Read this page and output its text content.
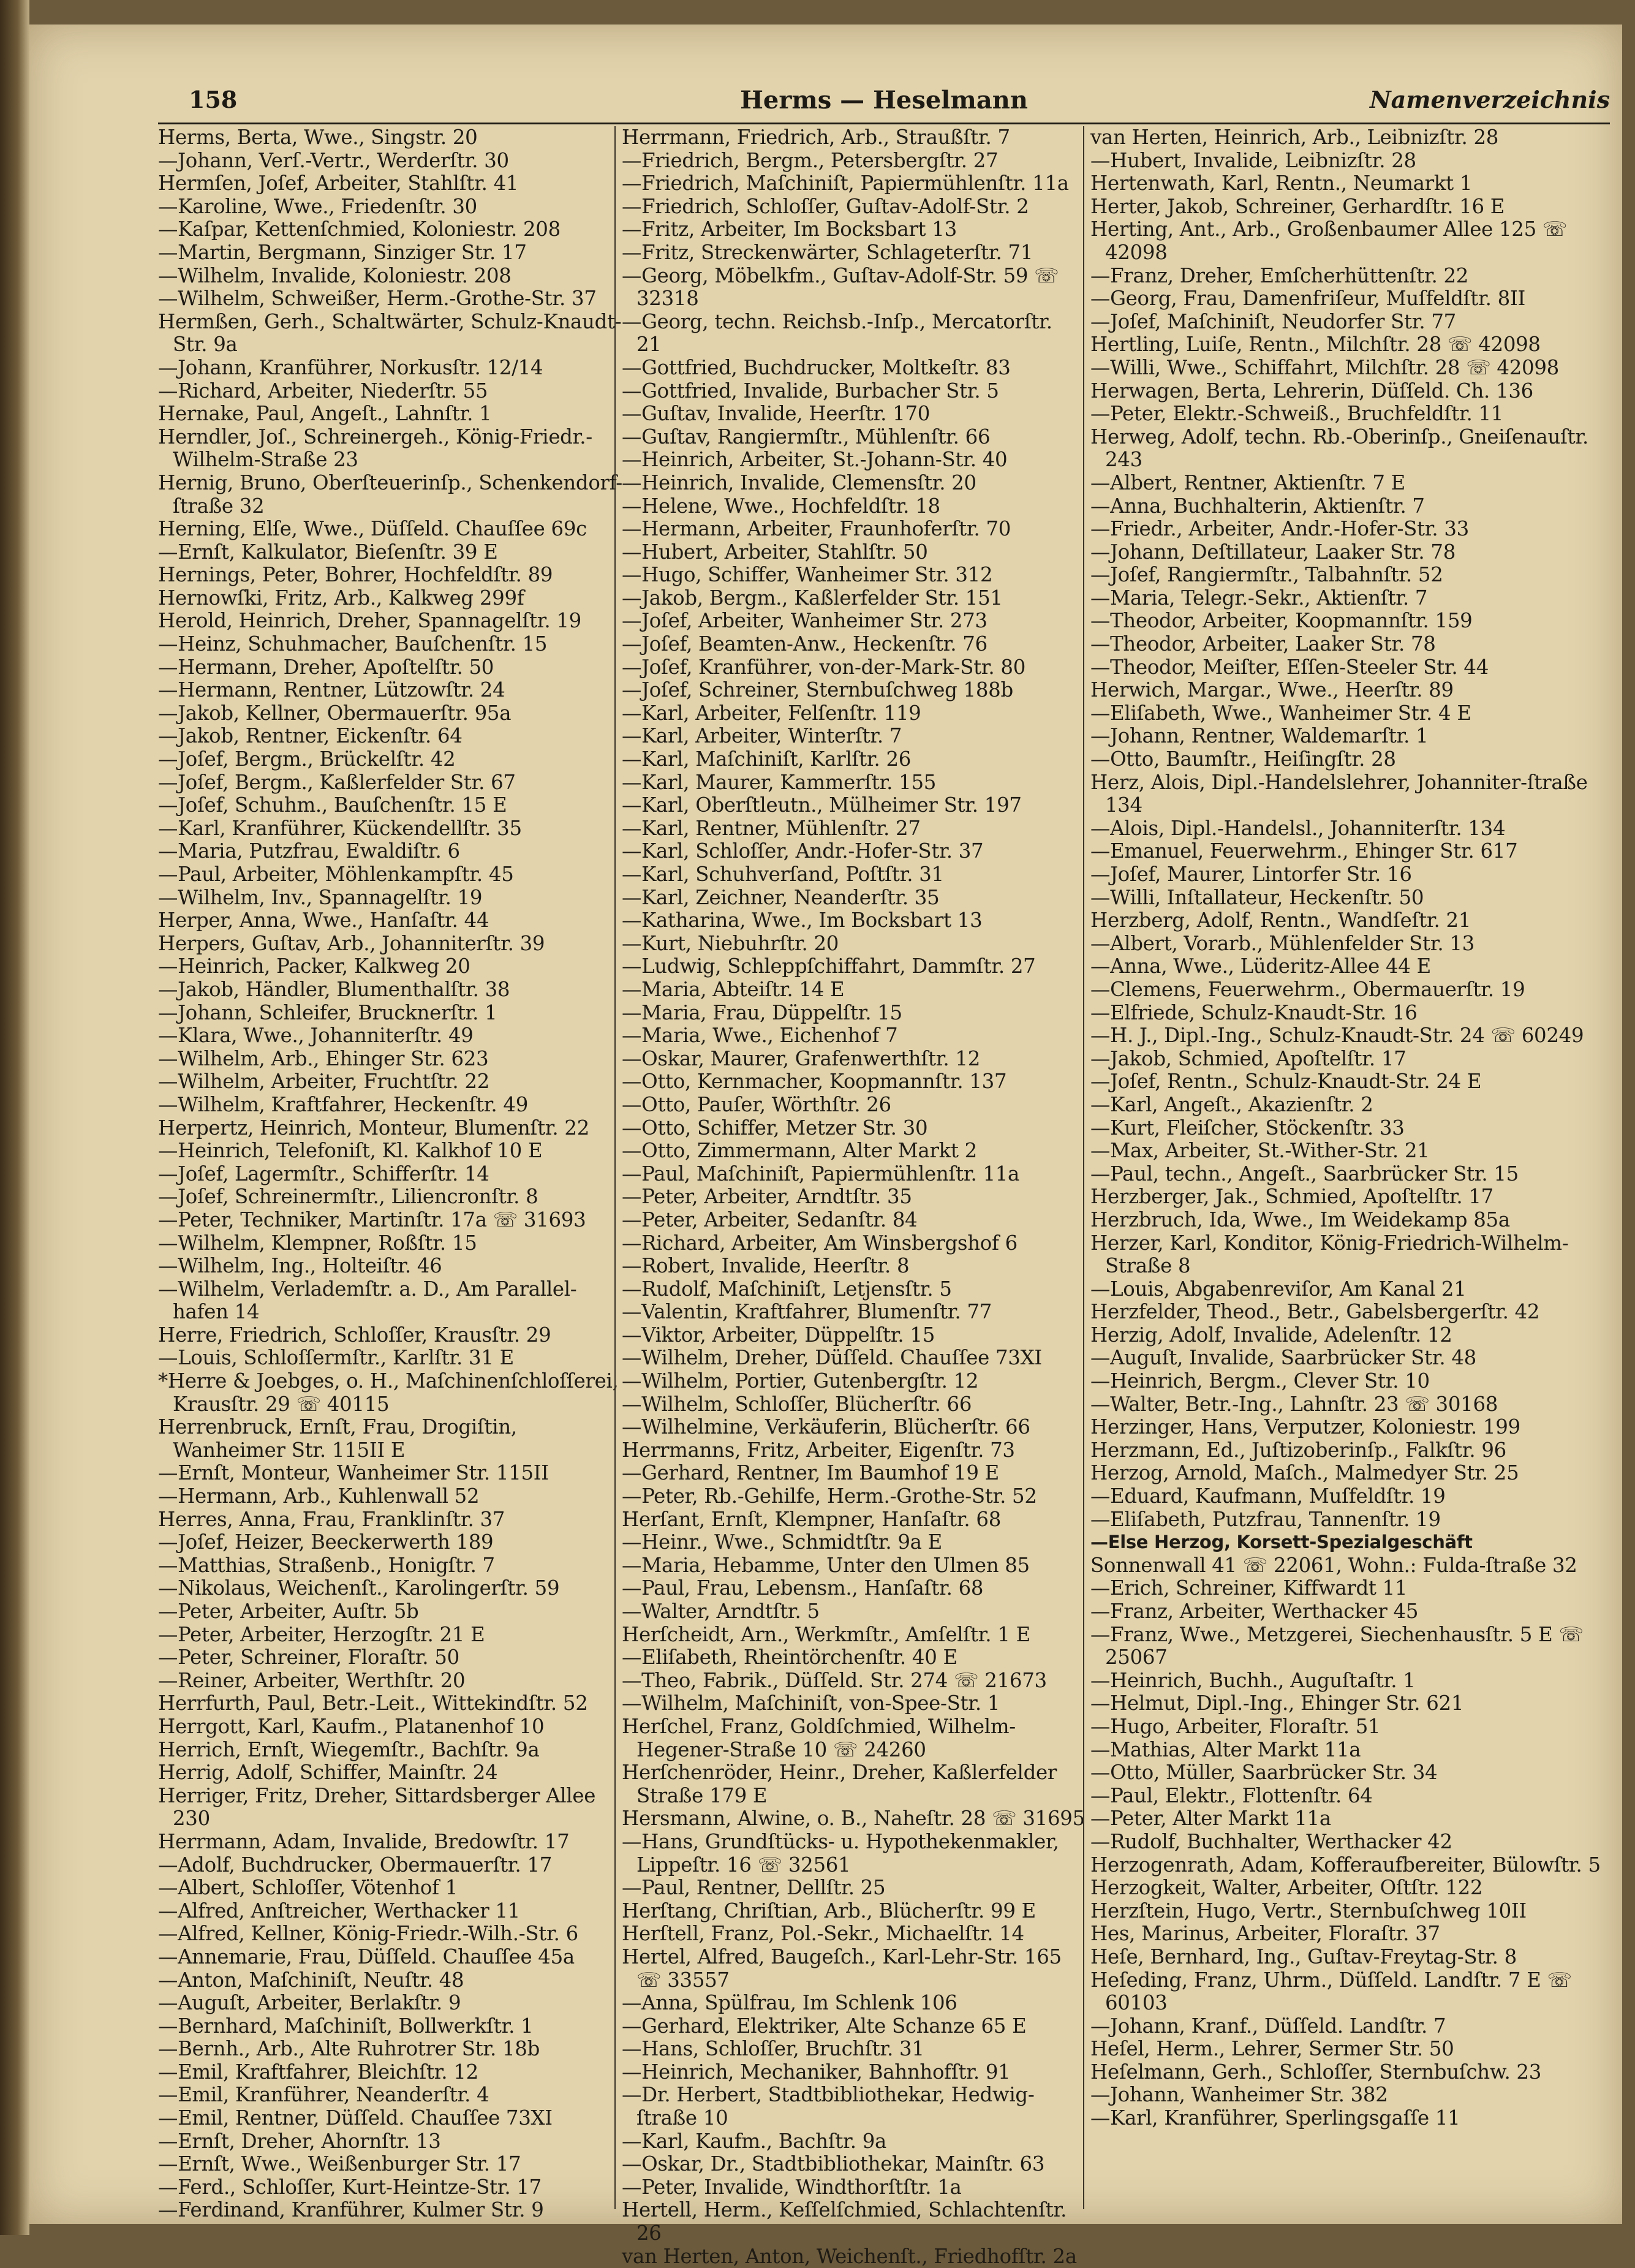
158	Herms — Heselmann	Namenverzeichnis
Herms, Berta, Wwe., Singstr. 20
—Johann, Verſ.-Vertr., Werderſtr. 30
Hermſen, Joſef, Arbeiter, Stahlſtr. 41
—Karoline, Wwe., Friedenſtr. 30
—Kaſpar, Kettenſchmied, Koloniestr. 208
—Martin, Bergmann, Sinziger Str. 17
—Wilhelm, Invalide, Koloniestr. 208
—Wilhelm, Schweißer, Herm.-Grothe-Str. 37
Hermßen, Gerh., Schaltwärter, Schulz-Knaudt-Str. 9a
—Johann, Kranführer, Norkusſtr. 12/14
—Richard, Arbeiter, Niederſtr. 55
Hernake, Paul, Angeſt., Lahnſtr. 1
Herndler, Joſ., Schreinergeh., König-Friedr.-Wilhelm-Straße 23
Hernig, Bruno, Oberſteuerinſp., Schenkendorf-ſtraße 32
Herning, Elſe, Wwe., Düſſeld. Chauſſee 69c
—Ernſt, Kalkulator, Bieſenſtr. 39 E
Hernings, Peter, Bohrer, Hochfeldſtr. 89
Hernowſki, Fritz, Arb., Kalkweg 299f
Herold, Heinrich, Dreher, Spannagelſtr. 19
—Heinz, Schuhmacher, Bauſchenſtr. 15
—Hermann, Dreher, Apoſtelſtr. 50
—Hermann, Rentner, Lützowſtr. 24
—Jakob, Kellner, Obermauerſtr. 95a
—Jakob, Rentner, Eickenſtr. 64
—Joſef, Bergm., Brückelſtr. 42
—Joſef, Bergm., Kaßlerfelder Str. 67
—Joſef, Schuhm., Bauſchenſtr. 15 E
—Karl, Kranführer, Kückendellſtr. 35
—Maria, Putzfrau, Ewaldiſtr. 6
—Paul, Arbeiter, Möhlenkampſtr. 45
—Wilhelm, Inv., Spannagelſtr. 19
Herper, Anna, Wwe., Hanſaſtr. 44
Herpers, Guſtav, Arb., Johanniterſtr. 39
—Heinrich, Packer, Kalkweg 20
—Jakob, Händler, Blumenthalſtr. 38
—Johann, Schleifer, Brucknerſtr. 1
—Klara, Wwe., Johanniterſtr. 49
—Wilhelm, Arb., Ehinger Str. 623
—Wilhelm, Arbeiter, Fruchtſtr. 22
—Wilhelm, Kraftfahrer, Heckenſtr. 49
Herpertz, Heinrich, Monteur, Blumenſtr. 22
—Heinrich, Telefoniſt, Kl. Kalkhof 10 E
—Joſef, Lagermſtr., Schifferſtr. 14
—Joſef, Schreinermſtr., Liliencronſtr. 8
—Peter, Techniker, Martinſtr. 17a ☏ 31693
—Wilhelm, Klempner, Roßſtr. 15
—Wilhelm, Ing., Holteiſtr. 46
—Wilhelm, Verlademſtr. a. D., Am Parallel-hafen 14
Herre, Friedrich, Schloſſer, Krausſtr. 29
—Louis, Schloſſermſtr., Karlſtr. 31 E
*Herre & Joebges, o. H., Maſchinenſchloſſerei, Krausſtr. 29 ☏ 40115
Herrenbruck, Ernſt, Frau, Drogiſtin, Wanheimer Str. 115II E
—Ernſt, Monteur, Wanheimer Str. 115II
—Hermann, Arb., Kuhlenwall 52
Herres, Anna, Frau, Franklinſtr. 37
—Joſef, Heizer, Beeckerwerth 189
—Matthias, Straßenb., Honigſtr. 7
—Nikolaus, Weichenſt., Karolingerſtr. 59
—Peter, Arbeiter, Auſtr. 5b
—Peter, Arbeiter, Herzogſtr. 21 E
—Peter, Schreiner, Floraſtr. 50
—Reiner, Arbeiter, Werthſtr. 20
Herrfurth, Paul, Betr.-Leit., Wittekindſtr. 52
Herrgott, Karl, Kaufm., Platanenhof 10
Herrich, Ernſt, Wiegemſtr., Bachſtr. 9a
Herrig, Adolf, Schiffer, Mainſtr. 24
Herriger, Fritz, Dreher, Sittardsberger Allee 230
Herrmann, Adam, Invalide, Bredowſtr. 17
—Adolf, Buchdrucker, Obermauerſtr. 17
—Albert, Schloſſer, Vötenhof 1
—Alfred, Anſtreicher, Werthacker 11
—Alfred, Kellner, König-Friedr.-Wilh.-Str. 6
—Annemarie, Frau, Düſſeld. Chauſſee 45a
—Anton, Maſchiniſt, Neuſtr. 48
—Auguſt, Arbeiter, Berlakſtr. 9
—Bernhard, Maſchiniſt, Bollwerkſtr. 1
—Bernh., Arb., Alte Ruhrotrer Str. 18b
—Emil, Kraftfahrer, Bleichſtr. 12
—Emil, Kranführer, Neanderſtr. 4
—Emil, Rentner, Düſſeld. Chauſſee 73XI
—Ernſt, Dreher, Ahornſtr. 13
—Ernſt, Wwe., Weißenburger Str. 17
—Ferd., Schloſſer, Kurt-Heintze-Str. 17
—Ferdinand, Kranführer, Kulmer Str. 9
Herrmann, Friedrich, Arb., Straußſtr. 7
—Friedrich, Bergm., Petersbergſtr. 27
—Friedrich, Maſchiniſt, Papiermühlenſtr. 11a
—Friedrich, Schloſſer, Guſtav-Adolf-Str. 2
—Fritz, Arbeiter, Im Bocksbart 13
—Fritz, Streckenwärter, Schlageterſtr. 71
—Georg, Möbelkfm., Guſtav-Adolf-Str. 59 ☏ 32318
—Georg, techn. Reichsb.-Inſp., Mercatorſtr. 21
—Gottfried, Buchdrucker, Moltkeſtr. 83
—Gottfried, Invalide, Burbacher Str. 5
—Guſtav, Invalide, Heerſtr. 170
—Guſtav, Rangiermſtr., Mühlenſtr. 66
—Heinrich, Arbeiter, St.-Johann-Str. 40
—Heinrich, Invalide, Clemensſtr. 20
—Helene, Wwe., Hochfeldſtr. 18
—Hermann, Arbeiter, Fraunhoferſtr. 70
—Hubert, Arbeiter, Stahlſtr. 50
—Hugo, Schiffer, Wanheimer Str. 312
—Jakob, Bergm., Kaßlerfelder Str. 151
—Joſef, Arbeiter, Wanheimer Str. 273
—Joſef, Beamten-Anw., Heckenſtr. 76
—Joſef, Kranführer, von-der-Mark-Str. 80
—Joſef, Schreiner, Sternbuſchweg 188b
—Karl, Arbeiter, Felſenſtr. 119
—Karl, Arbeiter, Winterſtr. 7
—Karl, Maſchiniſt, Karlſtr. 26
—Karl, Maurer, Kammerſtr. 155
—Karl, Oberſtleutn., Mülheimer Str. 197
—Karl, Rentner, Mühlenſtr. 27
—Karl, Schloſſer, Andr.-Hofer-Str. 37
—Karl, Schuhverſand, Poſtſtr. 31
—Karl, Zeichner, Neanderſtr. 35
—Katharina, Wwe., Im Bocksbart 13
—Kurt, Niebuhrſtr. 20
—Ludwig, Schleppſchiffahrt, Dammſtr. 27
—Maria, Abteiſtr. 14 E
—Maria, Frau, Düppelſtr. 15
—Maria, Wwe., Eichenhof 7
—Oskar, Maurer, Grafenwerthſtr. 12
—Otto, Kernmacher, Koopmannſtr. 137
—Otto, Pauſer, Wörthſtr. 26
—Otto, Schiffer, Metzer Str. 30
—Otto, Zimmermann, Alter Markt 2
—Paul, Maſchiniſt, Papiermühlenſtr. 11a
—Peter, Arbeiter, Arndtſtr. 35
—Peter, Arbeiter, Sedanſtr. 84
—Richard, Arbeiter, Am Winsbergshof 6
—Robert, Invalide, Heerſtr. 8
—Rudolf, Maſchiniſt, Letjensſtr. 5
—Valentin, Kraftfahrer, Blumenſtr. 77
—Viktor, Arbeiter, Düppelſtr. 15
—Wilhelm, Dreher, Düſſeld. Chauſſee 73XI
—Wilhelm, Portier, Gutenbergſtr. 12
—Wilhelm, Schloſſer, Blücherſtr. 66
—Wilhelmine, Verkäuferin, Blücherſtr. 66
Herrmanns, Fritz, Arbeiter, Eigenſtr. 73
—Gerhard, Rentner, Im Baumhof 19 E
—Peter, Rb.-Gehilfe, Herm.-Grothe-Str. 52
Herſant, Ernſt, Klempner, Hanſaſtr. 68
—Heinr., Wwe., Schmidtſtr. 9a E
—Maria, Hebamme, Unter den Ulmen 85
—Paul, Frau, Lebensm., Hanſaſtr. 68
—Walter, Arndtſtr. 5
Herſcheidt, Arn., Werkmſtr., Amſelſtr. 1 E
—Eliſabeth, Rheintörchenſtr. 40 E
—Theo, Fabrik., Düſſeld. Str. 274 ☏ 21673
—Wilhelm, Maſchiniſt, von-Spee-Str. 1
Herſchel, Franz, Goldſchmied, Wilhelm-Hegener-Straße 10 ☏ 24260
Herſchenröder, Heinr., Dreher, Kaßlerfelder Straße 179 E
Hersmann, Alwine, o. B., Naheſtr. 28 ☏ 31695
—Hans, Grundſtücks- u. Hypothekenmakler, Lippeſtr. 16 ☏ 32561
—Paul, Rentner, Dellſtr. 25
Herſtang, Chriſtian, Arb., Blücherſtr. 99 E
Herſtell, Franz, Pol.-Sekr., Michaelſtr. 14
Hertel, Alfred, Baugeſch., Karl-Lehr-Str. 165 ☏ 33557
—Anna, Spülfrau, Im Schlenk 106
—Gerhard, Elektriker, Alte Schanze 65 E
—Hans, Schloſſer, Bruchſtr. 31
—Heinrich, Mechaniker, Bahnhofſtr. 91
—Dr. Herbert, Stadtbibliothekar, Hedwig-ſtraße 10
—Karl, Kaufm., Bachſtr. 9a
—Oskar, Dr., Stadtbibliothekar, Mainſtr. 63
—Peter, Invalide, Windthorſtſtr. 1a
Hertell, Herm., Keſſelſchmied, Schlachtenſtr. 26
van Herten, Anton, Weichenſt., Friedhofſtr. 2a
van Herten, Heinrich, Arb., Leibnizſtr. 28
—Hubert, Invalide, Leibnizſtr. 28
Hertenwath, Karl, Rentn., Neumarkt 1
Herter, Jakob, Schreiner, Gerhardſtr. 16 E
Herting, Ant., Arb., Großenbaumer Allee 125 ☏ 42098
—Franz, Dreher, Emſcherhüttenſtr. 22
—Georg, Frau, Damenfriſeur, Muſfeldſtr. 8II
—Joſef, Maſchiniſt, Neudorfer Str. 77
Hertling, Luiſe, Rentn., Milchſtr. 28 ☏ 42098
—Willi, Wwe., Schiffahrt, Milchſtr. 28 ☏ 42098
Herwagen, Berta, Lehrerin, Düſſeld. Ch. 136
—Peter, Elektr.-Schweiß., Bruchfeldſtr. 11
Herweg, Adolf, techn. Rb.-Oberinſp., Gneiſenauſtr. 243
—Albert, Rentner, Aktienſtr. 7 E
—Anna, Buchhalterin, Aktienſtr. 7
—Friedr., Arbeiter, Andr.-Hofer-Str. 33
—Johann, Deſtillateur, Laaker Str. 78
—Joſef, Rangiermſtr., Talbahnſtr. 52
—Maria, Telegr.-Sekr., Aktienſtr. 7
—Theodor, Arbeiter, Koopmannſtr. 159
—Theodor, Arbeiter, Laaker Str. 78
—Theodor, Meiſter, Eſſen-Steeler Str. 44
Herwich, Margar., Wwe., Heerſtr. 89
—Eliſabeth, Wwe., Wanheimer Str. 4 E
—Johann, Rentner, Waldemarſtr. 1
—Otto, Baumſtr., Heiſingſtr. 28
Herz, Alois, Dipl.-Handelslehrer, Johanniter-ſtraße 134
—Alois, Dipl.-Handelsl., Johanniterſtr. 134
—Emanuel, Feuerwehrm., Ehinger Str. 617
—Joſef, Maurer, Lintorfer Str. 16
—Willi, Inſtallateur, Heckenſtr. 50
Herzberg, Adolf, Rentn., Wandſeſtr. 21
—Albert, Vorarb., Mühlenfelder Str. 13
—Anna, Wwe., Lüderitz-Allee 44 E
—Clemens, Feuerwehrm., Obermauerſtr. 19
—Elfriede, Schulz-Knaudt-Str. 16
—H. J., Dipl.-Ing., Schulz-Knaudt-Str. 24 ☏ 60249
—Jakob, Schmied, Apoſtelſtr. 17
—Joſef, Rentn., Schulz-Knaudt-Str. 24 E
—Karl, Angeſt., Akazienſtr. 2
—Kurt, Fleiſcher, Stöckenſtr. 33
—Max, Arbeiter, St.-Wither-Str. 21
—Paul, techn., Angeſt., Saarbrücker Str. 15
Herzberger, Jak., Schmied, Apoſtelſtr. 17
Herzbruch, Ida, Wwe., Im Weidekamp 85a
Herzer, Karl, Konditor, König-Friedrich-Wilhelm-Straße 8
—Louis, Abgabenreviſor, Am Kanal 21
Herzfelder, Theod., Betr., Gabelsbergerſtr. 42
Herzig, Adolf, Invalide, Adelenſtr. 12
—Auguſt, Invalide, Saarbrücker Str. 48
—Heinrich, Bergm., Clever Str. 10
—Walter, Betr.-Ing., Lahnſtr. 23 ☏ 30168
Herzinger, Hans, Verputzer, Koloniestr. 199
Herzmann, Ed., Juſtizoberinſp., Falkſtr. 96
Herzog, Arnold, Maſch., Malmedyer Str. 25
—Eduard, Kaufmann, Muſfeldſtr. 19
—Eliſabeth, Putzfrau, Tannenſtr. 19
—Else Herzog, Korsett-Spezialgeschäft
Sonnenwall 41 ☏ 22061, Wohn.: Fulda-ſtraße 32
—Erich, Schreiner, Kiffwardt 11
—Franz, Arbeiter, Werthacker 45
—Franz, Wwe., Metzgerei, Siechenhausſtr. 5 E ☏ 25067
—Heinrich, Buchh., Auguſtaſtr. 1
—Helmut, Dipl.-Ing., Ehinger Str. 621
—Hugo, Arbeiter, Floraſtr. 51
—Mathias, Alter Markt 11a
—Otto, Müller, Saarbrücker Str. 34
—Paul, Elektr., Flottenſtr. 64
—Peter, Alter Markt 11a
—Rudolf, Buchhalter, Werthacker 42
Herzogenrath, Adam, Kofferaufbereiter, Bülowſtr. 5
Herzogkeit, Walter, Arbeiter, Oſtſtr. 122
Herzſtein, Hugo, Vertr., Sternbuſchweg 10II
Hes, Marinus, Arbeiter, Floraſtr. 37
Heſe, Bernhard, Ing., Guſtav-Freytag-Str. 8
Heſeding, Franz, Uhrm., Düſſeld. Landſtr. 7 E ☏ 60103
—Johann, Kranf., Düſſeld. Landſtr. 7
Heſel, Herm., Lehrer, Sermer Str. 50
Heſelmann, Gerh., Schloſſer, Sternbuſchw. 23
—Johann, Wanheimer Str. 382
—Karl, Kranführer, Sperlingsgaſſe 11
